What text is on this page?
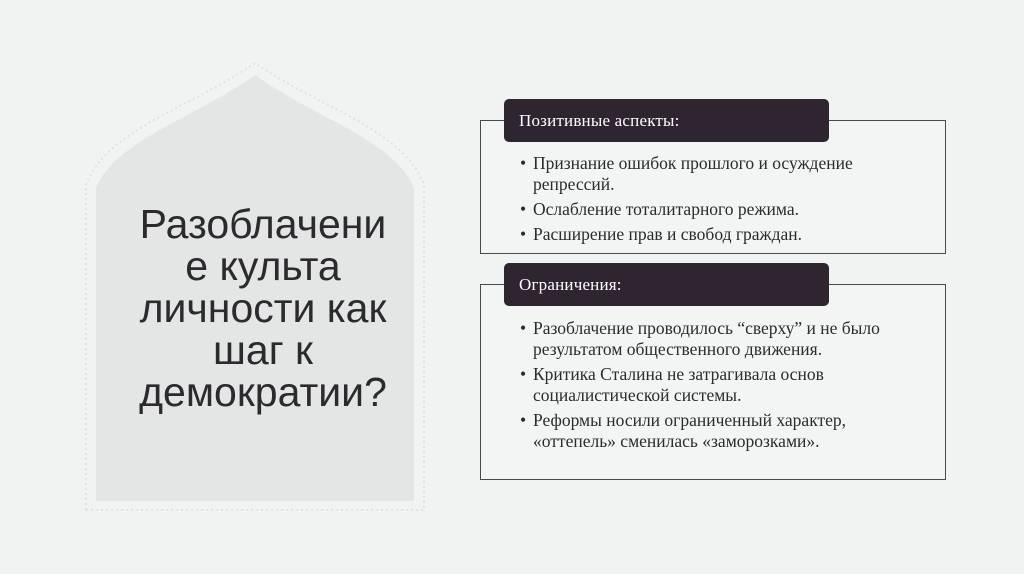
Разоблачени
е культа
личности как
шаг к
демократии?
• Признание ошибок прошлого и осуждение репрессий.
• Ослабление тоталитарного режима.
• Расширение прав и свобод граждан.
Позитивные аспекты:
• Разоблачение проводилось “сверху” и не было результатом общественного движения.
• Критика Сталина не затрагивала основ социалистической системы.
• Реформы носили ограниченный характер, «оттепель» сменилась «заморозками».
Ограничения:
